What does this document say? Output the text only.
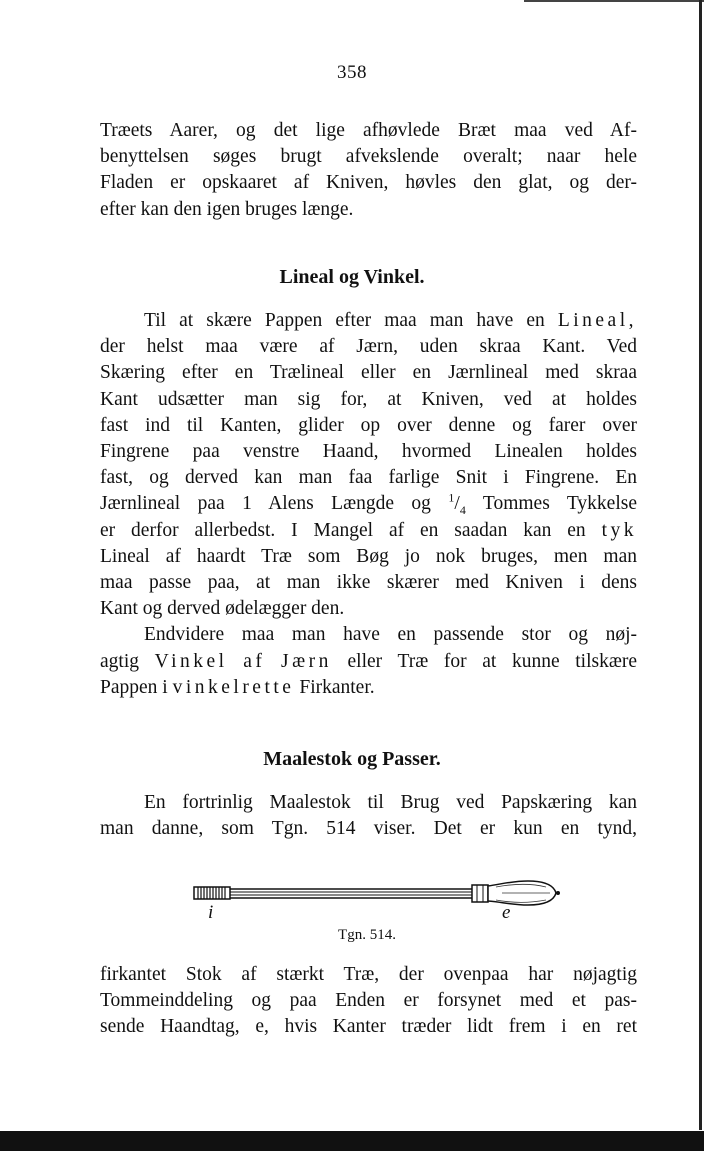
358
Træets Aarer, og det lige afhøvlede Bræt maa ved Af-
benyttelsen søges brugt afvekslende overalt; naar hele
Fladen er opskaaret af Kniven, høvles den glat, og der-
efter kan den igen bruges længe.
Lineal og Vinkel.
Til at skære Pappen efter maa man have en Lineal,
der helst maa være af Jærn, uden skraa Kant. Ved
Skæring efter en Trælineal eller en Jærnlineal med skraa
Kant udsætter man sig for, at Kniven, ved at holdes
fast ind til Kanten, glider op over denne og farer over
Fingrene paa venstre Haand, hvormed Linealen holdes
fast, og derved kan man faa farlige Snit i Fingrene. En
Jærnlineal paa 1 Alens Længde og $^1/_4$ Tommes Tykkelse
er derfor allerbedst. I Mangel af en saadan kan en tyk
Lineal af haardt Træ som Bøg jo nok bruges, men man
maa passe paa, at man ikke skærer med Kniven i dens
Kant og derved ødelægger den.
Endvidere maa man have en passende stor og nøj-
agtig Vinkel af Jærn eller Træ for at kunne tilskære
Pappen i vinkelrette Firkanter.
Maalestok og Passer.
En fortrinlig Maalestok til Brug ved Papskæring kan
man danne, som Tgn. 514 viser. Det er kun en tynd,
i	e
Tgn. 514.
firkantet Stok af stærkt Træ, der ovenpaa har nøjagtig
Tommeinddeling og paa Enden er forsynet med et pas-
sende Haandtag, e, hvis Kanter træder lidt frem i en ret
